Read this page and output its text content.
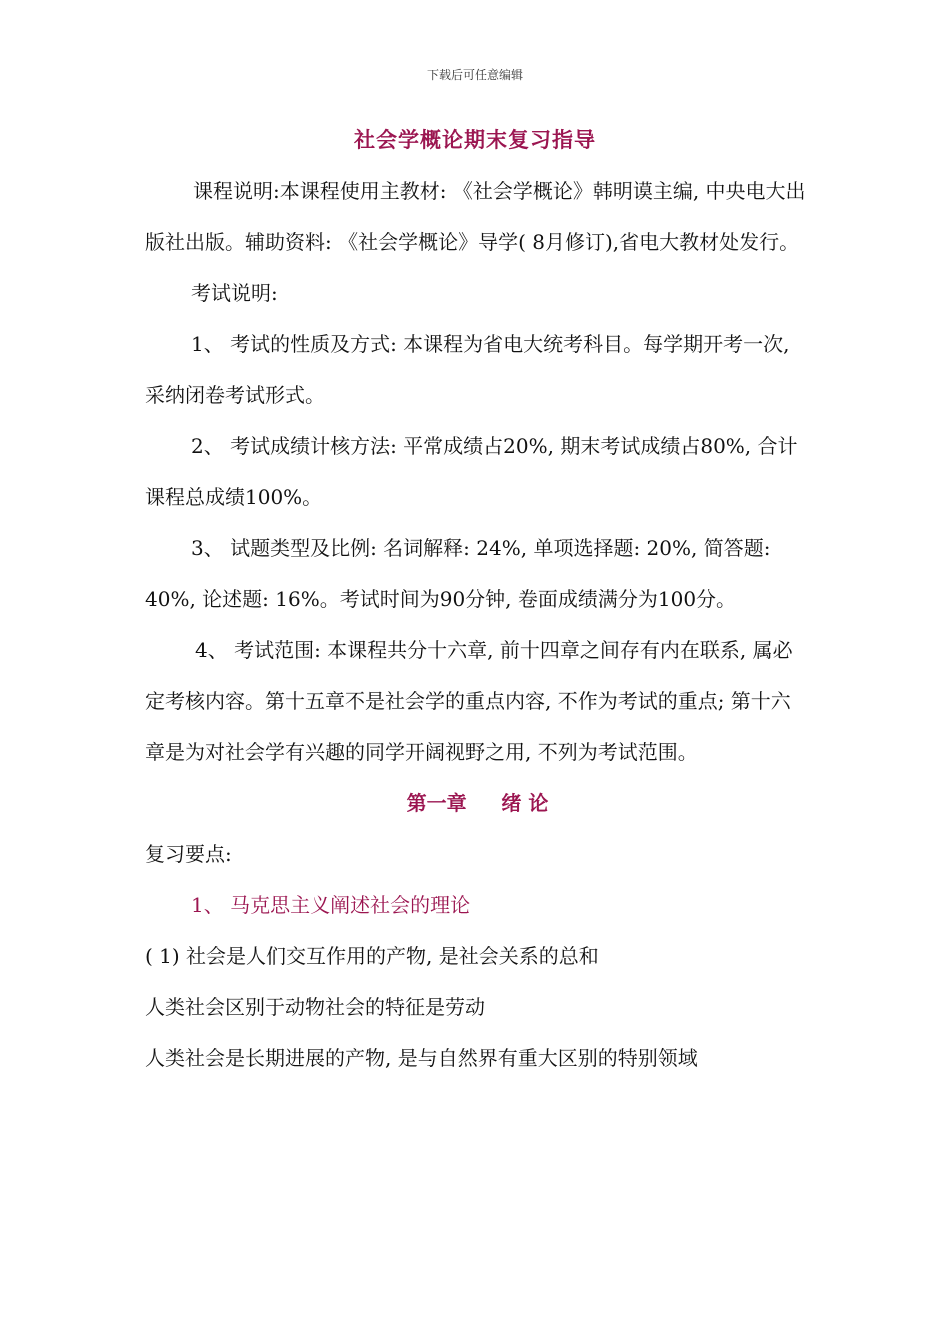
下载后可任意编辑
社会学概论期末复习指导

课程说明:本课程使用主教材: 《社会学概论》韩明谟主编, 中央电大出版社出版。辅助资料: 《社会学概论》导学( 8月修订),省电大教材处发行。

考试说明:

1、 考试的性质及方式: 本课程为省电大统考科目。每学期开考一次, 采纳闭卷考试形式。

2、 考试成绩计核方法: 平常成绩占20%, 期末考试成绩占80%, 合计课程总成绩100%。

3、 试题类型及比例: 名词解释: 24%, 单项选择题: 20%, 简答题: 40%, 论述题: 16%。考试时间为90分钟, 卷面成绩满分为100分。

4、 考试范围: 本课程共分十六章, 前十四章之间存有内在联系, 属必定考核内容。第十五章不是社会学的重点内容, 不作为考试的重点; 第十六章是为对社会学有兴趣的同学开阔视野之用, 不列为考试范围。

第一章     绪 论

复习要点:

1、 马克思主义阐述社会的理论

( 1) 社会是人们交互作用的产物, 是社会关系的总和

人类社会区别于动物社会的特征是劳动

人类社会是长期进展的产物, 是与自然界有重大区别的特别领域
